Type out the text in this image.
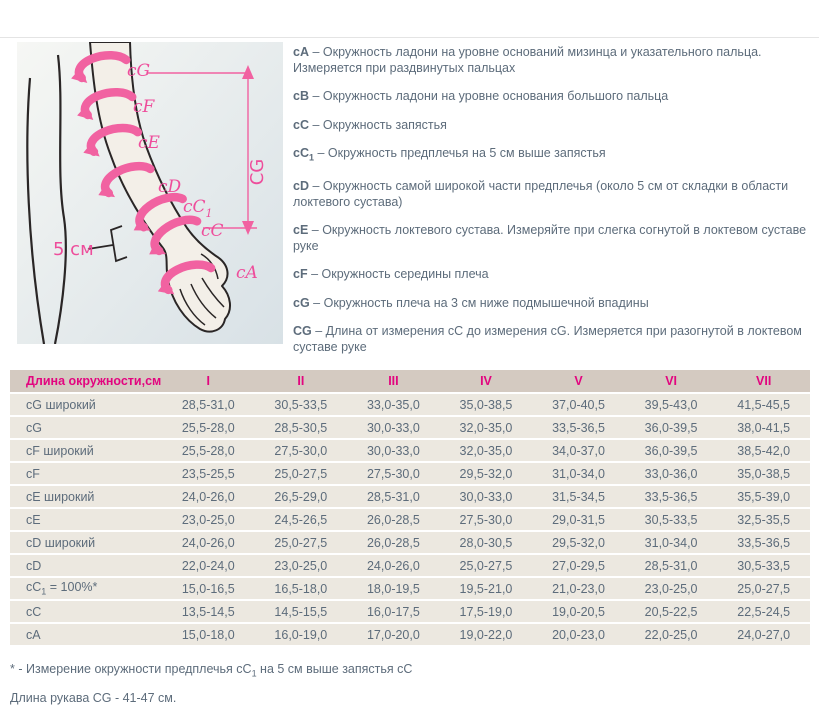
cG
cF
cE
cD
$cC_1$
cC
cA
CG
5 см

cA – Окружность ладони на уровне оснований мизинца и указательного пальца. Измеряется при раздвинутых пальцах

cB – Окружность ладони на уровне основания большого пальца

cC – Окружность запястья

$cC_1$ – Окружность предплечья на 5 см выше запястья

cD – Окружность самой широкой части предплечья (около 5 см от складки в области локтевого сустава)

cE – Окружность локтевого сустава. Измеряйте при слегка согнутой в локтевом суставе руке

cF – Окружность середины плеча

cG – Окружность плеча на 3 см ниже подмышечной впадины

CG – Длина от измерения cC до измерения cG. Измеряется при разогнутой в локтевом суставе руке

Длина окружности,см	I	II	III	IV	V	VI	VII
cG широкий	28,5-31,0	30,5-33,5	33,0-35,0	35,0-38,5	37,0-40,5	39,5-43,0	41,5-45,5
cG	25,5-28,0	28,5-30,5	30,0-33,0	32,0-35,0	33,5-36,5	36,0-39,5	38,0-41,5
cF широкий	25,5-28,0	27,5-30,0	30,0-33,0	32,0-35,0	34,0-37,0	36,0-39,5	38,5-42,0
cF	23,5-25,5	25,0-27,5	27,5-30,0	29,5-32,0	31,0-34,0	33,0-36,0	35,0-38,5
cE широкий	24,0-26,0	26,5-29,0	28,5-31,0	30,0-33,0	31,5-34,5	33,5-36,5	35,5-39,0
cE	23,0-25,0	24,5-26,5	26,0-28,5	27,5-30,0	29,0-31,5	30,5-33,5	32,5-35,5
cD широкий	24,0-26,0	25,0-27,5	26,0-28,5	28,0-30,5	29,5-32,0	31,0-34,0	33,5-36,5
cD	22,0-24,0	23,0-25,0	24,0-26,0	25,0-27,5	27,0-29,5	28,5-31,0	30,5-33,5
$cC_1 = 100\%*$	15,0-16,5	16,5-18,0	18,0-19,5	19,5-21,0	21,0-23,0	23,0-25,0	25,0-27,5
cC	13,5-14,5	14,5-15,5	16,0-17,5	17,5-19,0	19,0-20,5	20,5-22,5	22,5-24,5
cA	15,0-18,0	16,0-19,0	17,0-20,0	19,0-22,0	20,0-23,0	22,0-25,0	24,0-27,0

* - Измерение окружности предплечья $cC_1$ на 5 см выше запястья cC

Длина рукава CG - 41-47 см.
